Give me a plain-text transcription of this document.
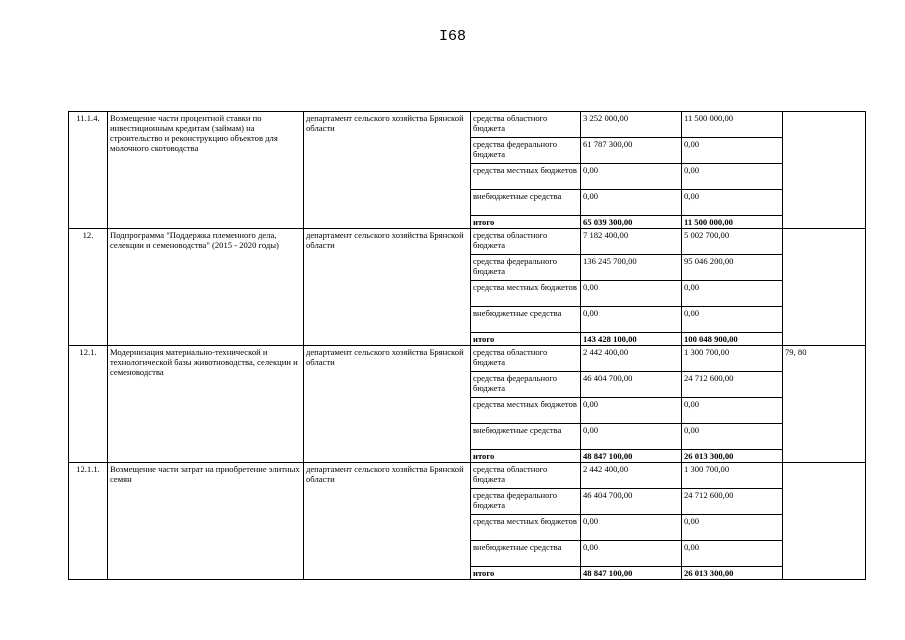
I68
11.1.4.	Возмещение части процентной ставки по инвестиционным кредитам (займам) на строительство и реконструкцию объектов для молочного скотоводства	департамент сельского хозяйства Брянской области	средства областного бюджета	3 252 000,00	11 500 000,00	
			средства федерального бюджета	61 787 300,00	0,00	
			средства местных бюджетов	0,00	0,00	
			внебюджетные средства	0,00	0,00	
			итого	65 039 300,00	11 500 000,00	
12.	Подпрограмма "Поддержка племенного дела, селекции и семеноводства" (2015 - 2020 годы)	департамент сельского хозяйства Брянской области	средства областного бюджета	7 182 400,00	5 002 700,00	
			средства федерального бюджета	136 245 700,00	95 046 200,00	
			средства местных бюджетов	0,00	0,00	
			внебюджетные средства	0,00	0,00	
			итого	143 428 100,00	100 048 900,00	
12.1.	Модернизация материально-технической и технологической базы животноводства, селекции и семеноводства	департамент сельского хозяйства Брянской области	средства областного бюджета	2 442 400,00	1 300 700,00	79, 80
			средства федерального бюджета	46 404 700,00	24 712 600,00	
			средства местных бюджетов	0,00	0,00	
			внебюджетные средства	0,00	0,00	
			итого	48 847 100,00	26 013 300,00	
12.1.1.	Возмещение части затрат на приобретение элитных семян	департамент сельского хозяйства Брянской области	средства областного бюджета	2 442 400,00	1 300 700,00	
			средства федерального бюджета	46 404 700,00	24 712 600,00	
			средства местных бюджетов	0,00	0,00	
			внебюджетные средства	0,00	0,00	
			итого	48 847 100,00	26 013 300,00	
